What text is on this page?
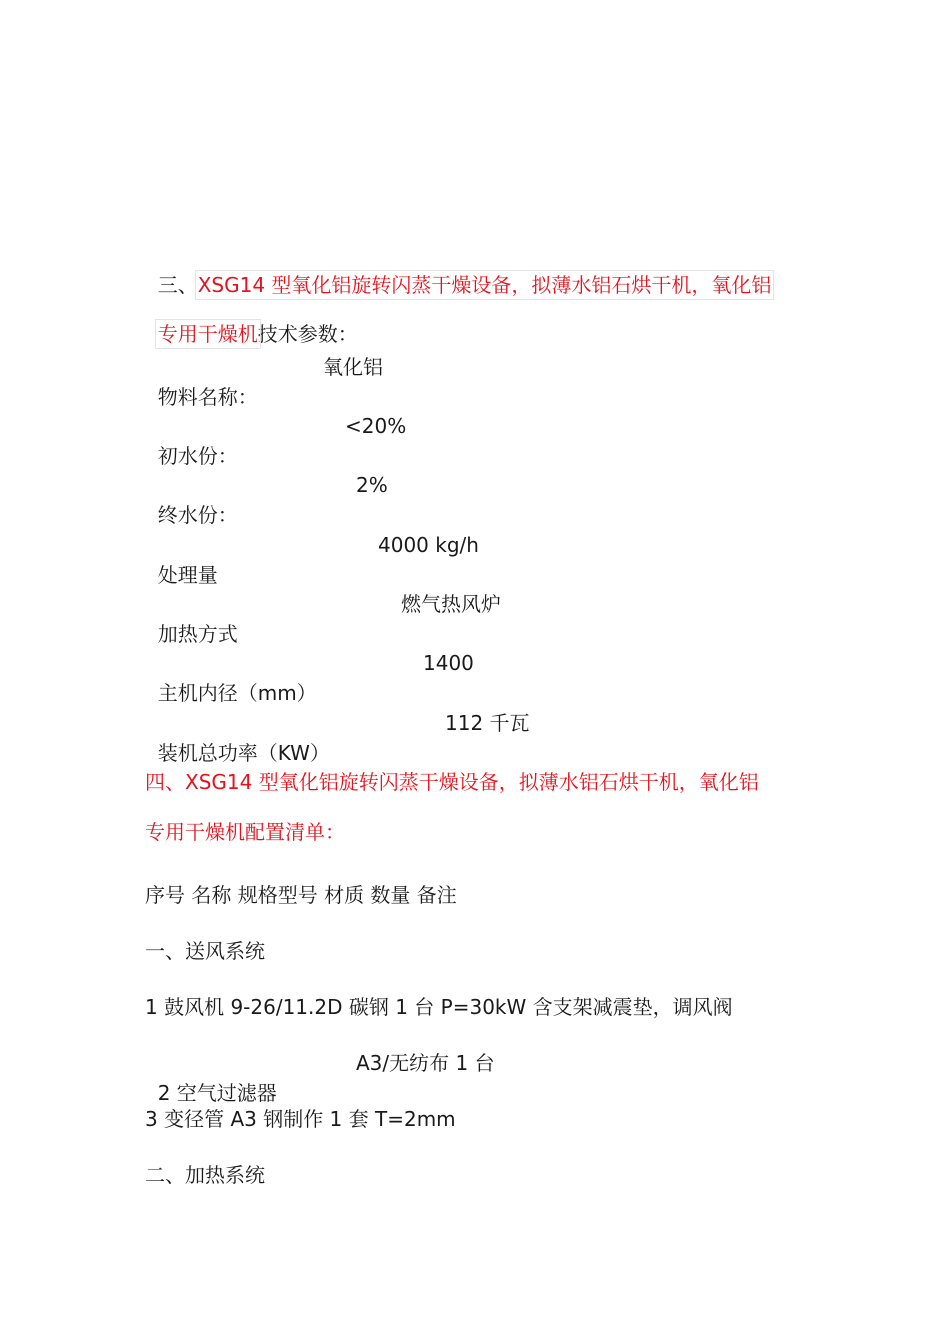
三、XSG14 型氧化铝旋转闪蒸干燥设备，拟薄水铝石烘干机，氧化铝

专用干燥机技术参数：

物料名称：

氧化铝

初水份：

<20%

终水份：

2%

处理量

4000 kg/h

加热方式

燃气热风炉

主机内径（mm）

1400

装机总功率（KW）

112 千瓦

四、XSG14 型氧化铝旋转闪蒸干燥设备，拟薄水铝石烘干机，氧化铝
专用干燥机配置清单：
序号 名称 规格型号 材质 数量 备注
一、送风系统
1 鼓风机 9-26/11.2D 碳钢 1 台 P=30kW 含支架减震垫，调风阀

2 空气过滤器

A3/无纺布 1 台

3 变径管 A3 钢制作 1 套 T=2mm
二、加热系统
